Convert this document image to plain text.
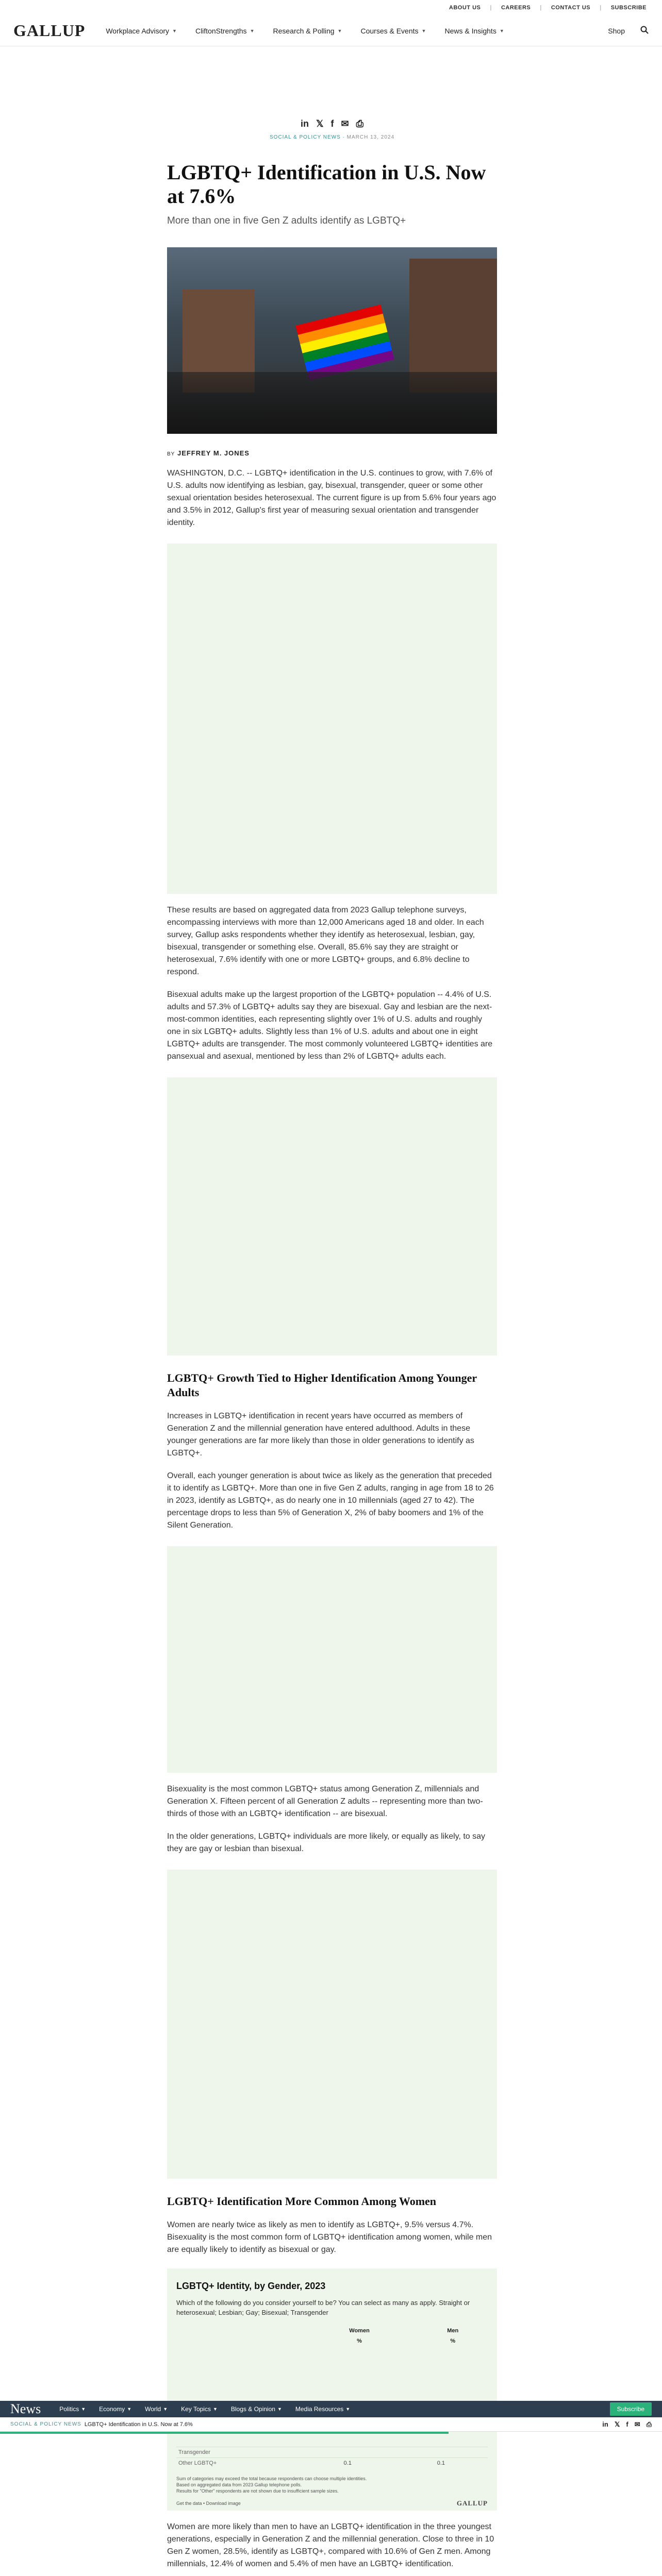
ABOUT US | CAREERS | CONTACT US | SUBSCRIBE
GALLUP	Workplace Advisory ▼	CliftonStrengths ▼	Research & Polling ▼	Courses & Events ▼	News & Insights ▼	Shop
in 𝕏 f ✉ ⎙
SOCIAL & POLICY NEWS · MARCH 13, 2024
LGBTQ+ Identification in U.S. Now at 7.6%
More than one in five Gen Z adults identify as LGBTQ+
BY JEFFREY M. JONES

WASHINGTON, D.C. -- LGBTQ+ identification in the U.S. continues to grow, with 7.6% of U.S. adults now identifying as lesbian, gay, bisexual, transgender, queer or some other sexual orientation besides heterosexual. The current figure is up from 5.6% four years ago and 3.5% in 2012, Gallup's first year of measuring sexual orientation and transgender identity.

These results are based on aggregated data from 2023 Gallup telephone surveys, encompassing interviews with more than 12,000 Americans aged 18 and older. In each survey, Gallup asks respondents whether they identify as heterosexual, lesbian, gay, bisexual, transgender or something else. Overall, 85.6% say they are straight or heterosexual, 7.6% identify with one or more LGBTQ+ groups, and 6.8% decline to respond.

Bisexual adults make up the largest proportion of the LGBTQ+ population -- 4.4% of U.S. adults and 57.3% of LGBTQ+ adults say they are bisexual. Gay and lesbian are the next-most-common identities, each representing slightly over 1% of U.S. adults and roughly one in six LGBTQ+ adults. Slightly less than 1% of U.S. adults and about one in eight LGBTQ+ adults are transgender. The most commonly volunteered LGBTQ+ identities are pansexual and asexual, mentioned by less than 2% of LGBTQ+ adults each.

LGBTQ+ Growth Tied to Higher Identification Among Younger Adults

Increases in LGBTQ+ identification in recent years have occurred as members of Generation Z and the millennial generation have entered adulthood. Adults in these younger generations are far more likely than those in older generations to identify as LGBTQ+.

Overall, each younger generation is about twice as likely as the generation that preceded it to identify as LGBTQ+. More than one in five Gen Z adults, ranging in age from 18 to 26 in 2023, identify as LGBTQ+, as do nearly one in 10 millennials (aged 27 to 42). The percentage drops to less than 5% of Generation X, 2% of baby boomers and 1% of the Silent Generation.

Bisexuality is the most common LGBTQ+ status among Generation Z, millennials and Generation X. Fifteen percent of all Generation Z adults -- representing more than two-thirds of those with an LGBTQ+ identification -- are bisexual.

In the older generations, LGBTQ+ individuals are more likely, or equally as likely, to say they are gay or lesbian than bisexual.

LGBTQ+ Identification More Common Among Women

Women are nearly twice as likely as men to identify as LGBTQ+, 9.5% versus 4.7%. Bisexuality is the most common form of LGBTQ+ identification among women, while men are equally likely to identify as bisexual or gay.

LGBTQ+ Identity, by Gender, 2023
Which of the following do you consider yourself to be? You can select as many as apply. Straight or heterosexual; Lesbian; Gay; Bisexual; Transgender
	Women	Men
	%	%
Transgender		
Other LGBTQ+	0.1	0.1
Sum of categories may exceed the total because respondents can choose multiple identities.
Based on aggregated data from 2023 Gallup telephone polls.
Results for "Other" respondents are not shown due to insufficient sample sizes.
Get the data • Download image	GALLUP

Women are more likely than men to have an LGBTQ+ identification in the three youngest generations, especially in Generation Z and the millennial generation. Close to three in 10 Gen Z women, 28.5%, identify as LGBTQ+, compared with 10.6% of Gen Z men. Among millennials, 12.4% of women and 5.4% of men have an LGBTQ+ identification.

News	Politics ▼ Economy ▼ World ▼ Key Topics ▼ Blogs & Opinion ▼ Media Resources ▼	Subscribe
SOCIAL & POLICY NEWS LGBTQ+ Identification in U.S. Now at 7.6%	in 𝕏 f ✉ ⎙
